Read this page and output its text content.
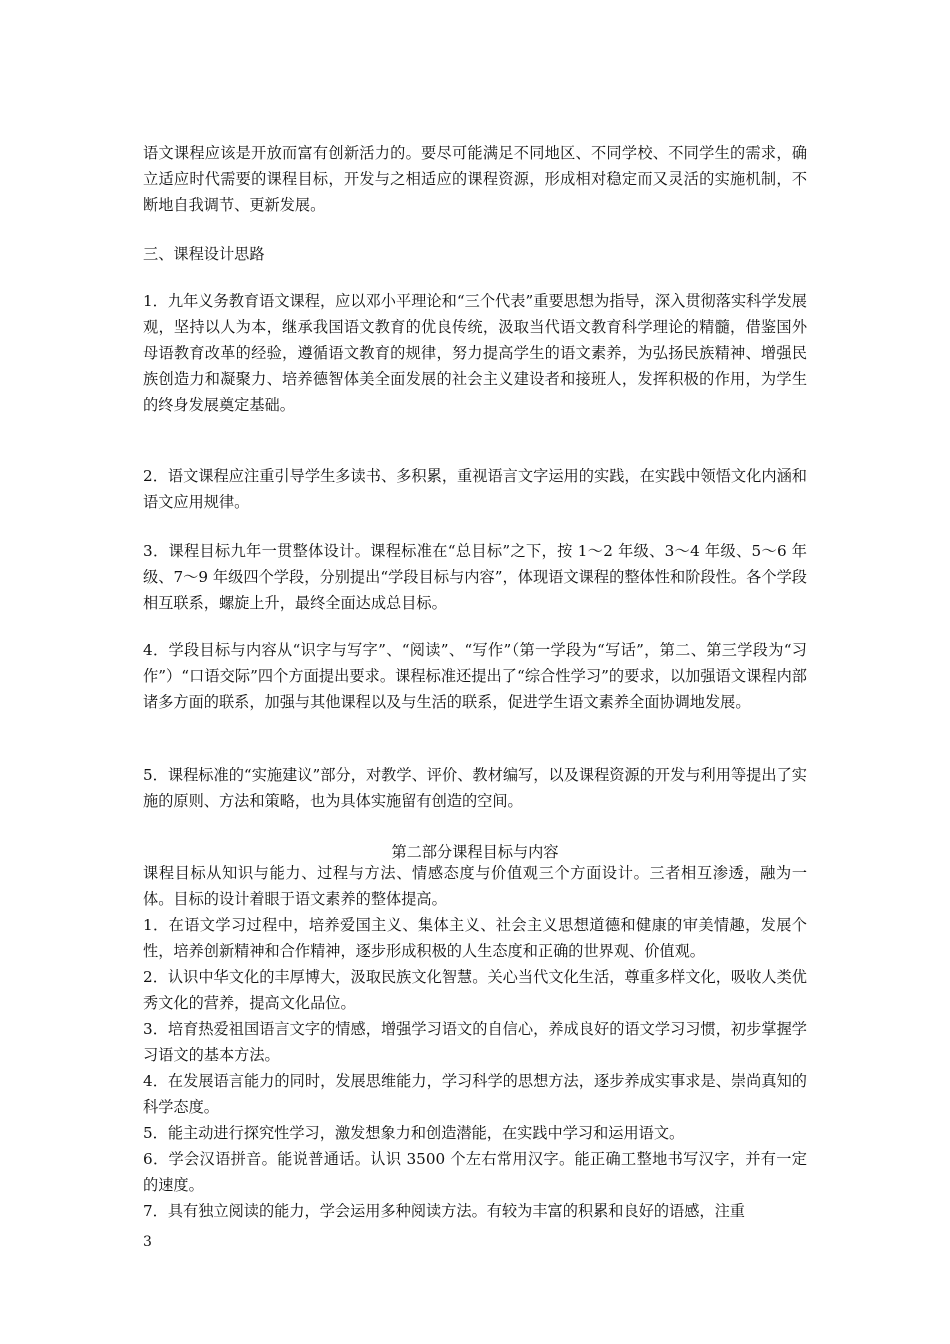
语文课程应该是开放而富有创新活力的。要尽可能满足不同地区、不同学校、不同学生的需求，确立适应时代需要的课程目标，开发与之相适应的课程资源，形成相对稳定而又灵活的实施机制，不断地自我调节、更新发展。

三、课程设计思路

1．九年义务教育语文课程，应以邓小平理论和“三个代表”重要思想为指导，深入贯彻落实科学发展观，坚持以人为本，继承我国语文教育的优良传统，汲取当代语文教育科学理论的精髓，借鉴国外母语教育改革的经验，遵循语文教育的规律，努力提高学生的语文素养，为弘扬民族精神、增强民族创造力和凝聚力、培养德智体美全面发展的社会主义建设者和接班人，发挥积极的作用，为学生的终身发展奠定基础。

2．语文课程应注重引导学生多读书、多积累，重视语言文字运用的实践，在实践中领悟文化内涵和语文应用规律。

3．课程目标九年一贯整体设计。课程标准在“总目标”之下，按 1～2 年级、3～4 年级、5～6 年级、7～9 年级四个学段，分别提出“学段目标与内容”，体现语文课程的整体性和阶段性。各个学段相互联系，螺旋上升，最终全面达成总目标。

4．学段目标与内容从“识字与写字”、“阅读”、“写作”（第一学段为“写话”，第二、第三学段为“习作”）“口语交际”四个方面提出要求。课程标准还提出了“综合性学习”的要求，以加强语文课程内部诸多方面的联系，加强与其他课程以及与生活的联系，促进学生语文素养全面协调地发展。

5．课程标准的“实施建议”部分，对教学、评价、教材编写，以及课程资源的开发与利用等提出了实施的原则、方法和策略，也为具体实施留有创造的空间。

第二部分课程目标与内容

课程目标从知识与能力、过程与方法、情感态度与价值观三个方面设计。三者相互渗透，融为一体。目标的设计着眼于语文素养的整体提高。

1．在语文学习过程中，培养爱国主义、集体主义、社会主义思想道德和健康的审美情趣，发展个性，培养创新精神和合作精神，逐步形成积极的人生态度和正确的世界观、价值观。

2．认识中华文化的丰厚博大，汲取民族文化智慧。关心当代文化生活，尊重多样文化，吸收人类优秀文化的营养，提高文化品位。

3．培育热爱祖国语言文字的情感，增强学习语文的自信心，养成良好的语文学习习惯，初步掌握学习语文的基本方法。

4．在发展语言能力的同时，发展思维能力，学习科学的思想方法，逐步养成实事求是、崇尚真知的科学态度。

5．能主动进行探究性学习，激发想象力和创造潜能，在实践中学习和运用语文。

6．学会汉语拼音。能说普通话。认识 3500 个左右常用汉字。能正确工整地书写汉字，并有一定的速度。

7．具有独立阅读的能力，学会运用多种阅读方法。有较为丰富的积累和良好的语感，注重

3
